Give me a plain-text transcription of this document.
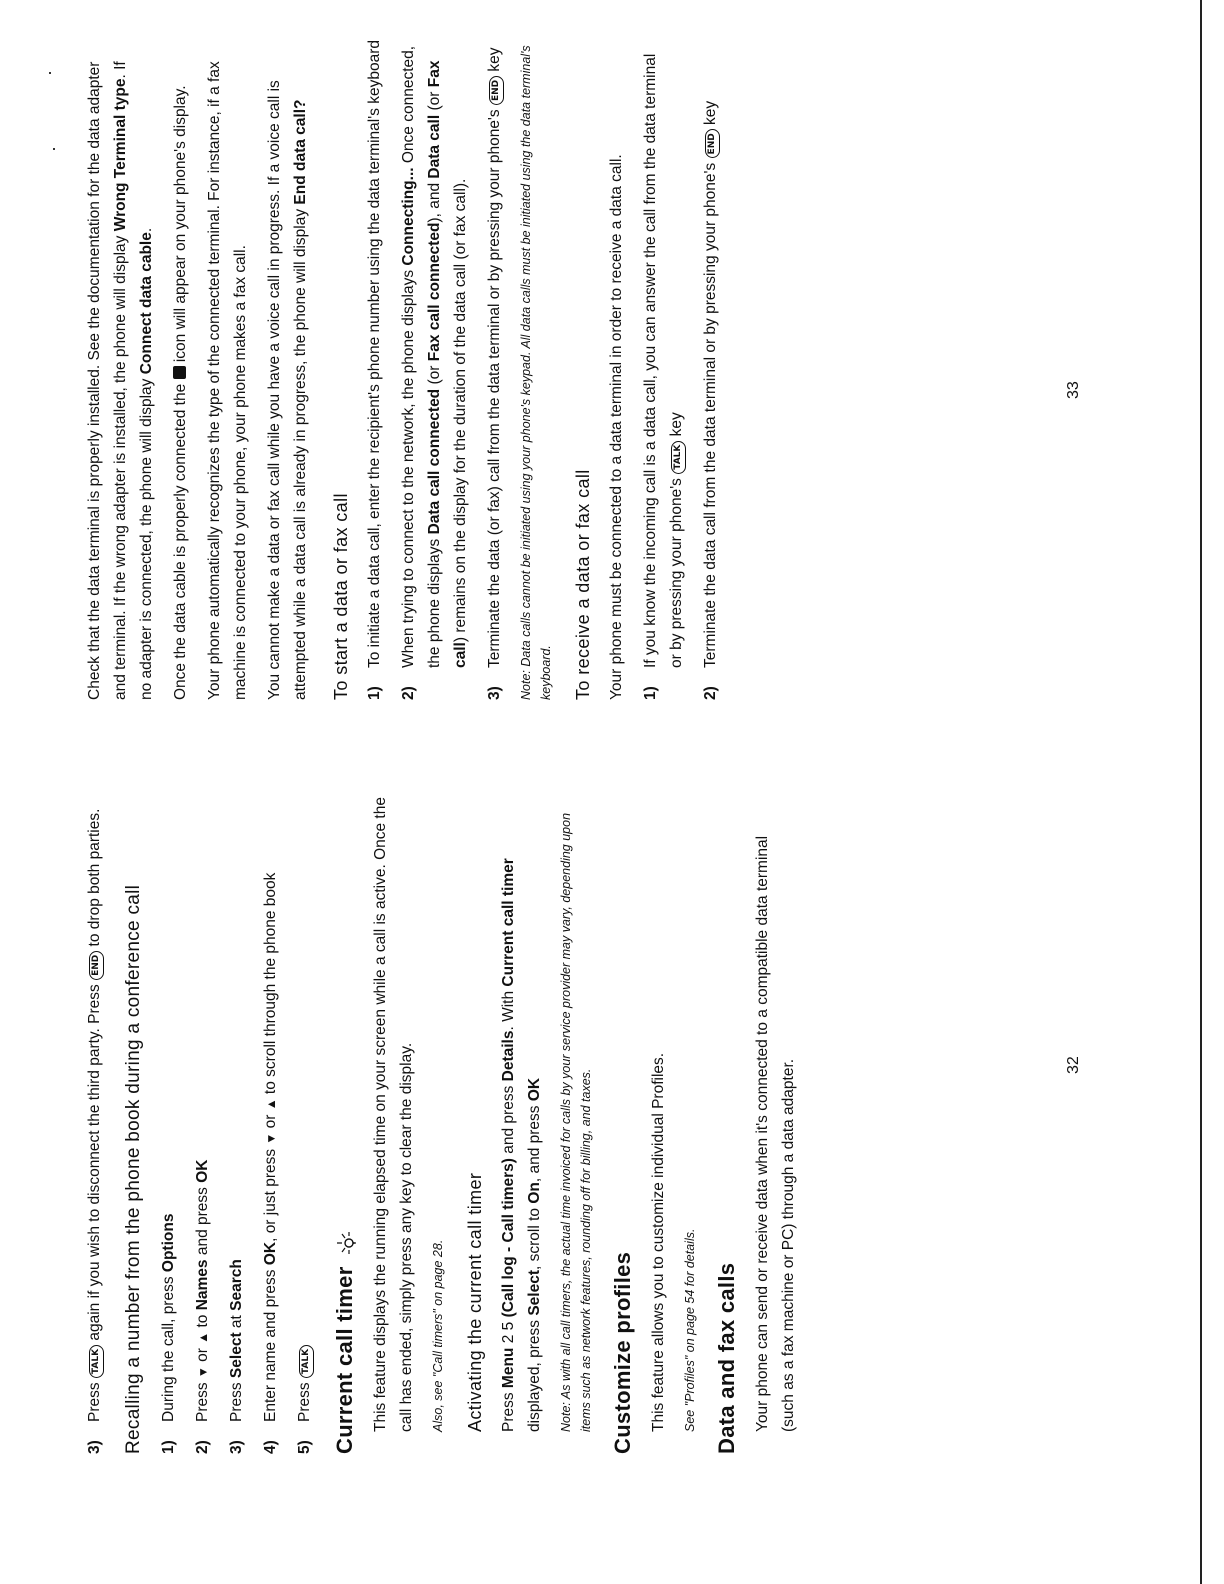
3)
Press TALK again if you wish to disconnect the third party. Press END to drop both parties.
Recalling a number from the phone book during a conference call 1)
During the call, press Options
2)
Press ▼ or ▲ to Names and press OK
3)
Press Select at Search
4)
Enter name and press OK, or just press ▼ or ▲ to scroll through the phone book
5)
Press TALK Current call timer This feature displays the running elapsed time on your screen while a call is active. Once the call has ended, simply press any key to clear the display.	Also, see "Call timers" on page 28. Activating the current call timer Press Menu 2 5 (Call log - Call timers) and press Details. With Current call timer displayed, press Select, scroll to On, and press OK	Note: As with all call timers, the actual time invoiced for calls by your service provider may vary, depending upon items such as network features, rounding off for billing, and taxes. Customize profiles This feature allows you to customize individual Profiles.	See "Profiles" on page 54 for details. Data and fax calls Your phone can send or receive data when it's connected to a compatible data terminal (such as a fax machine or PC) through a data adapter.	32

Check that the data terminal is properly installed. See the documentation for the data adapter and terminal. If the wrong adapter is installed, the phone will display Wrong Terminal type. If no adapter is connected, the phone will display Connect data cable.

Once the data cable is properly connected the  icon will appear on your phone's display.	Your phone automatically recognizes the type of the connected terminal. For instance, if a fax machine is connected to your phone, your phone makes a fax call.	You cannot make a data or fax call while you have a voice call in progress. If a voice call is attempted while a data call is already in progress, the phone will display End data call?

To start a data or fax call 1)
To initiate a data call, enter the recipient's phone number using the data terminal's keyboard
2)
When trying to connect to the network, the phone displays Connecting... Once connected, the phone displays Data call connected (or Fax call connected), and Data call (or Fax call) remains on the display for the duration of the data call (or fax call).
3)
Terminate the data (or fax) call from the data terminal or by pressing your phone's END key	Note: Data calls cannot be initiated using your phone's keypad. All data calls must be initiated using the data terminal's keyboard. To receive a data or fax call Your phone must be connected to a data terminal in order to receive a data call.	1)
If you know the incoming call is a data call, you can answer the call from the data terminal or by pressing your phone's TALK key
2)
Terminate the data call from the data terminal or by pressing your phone's END key
33
